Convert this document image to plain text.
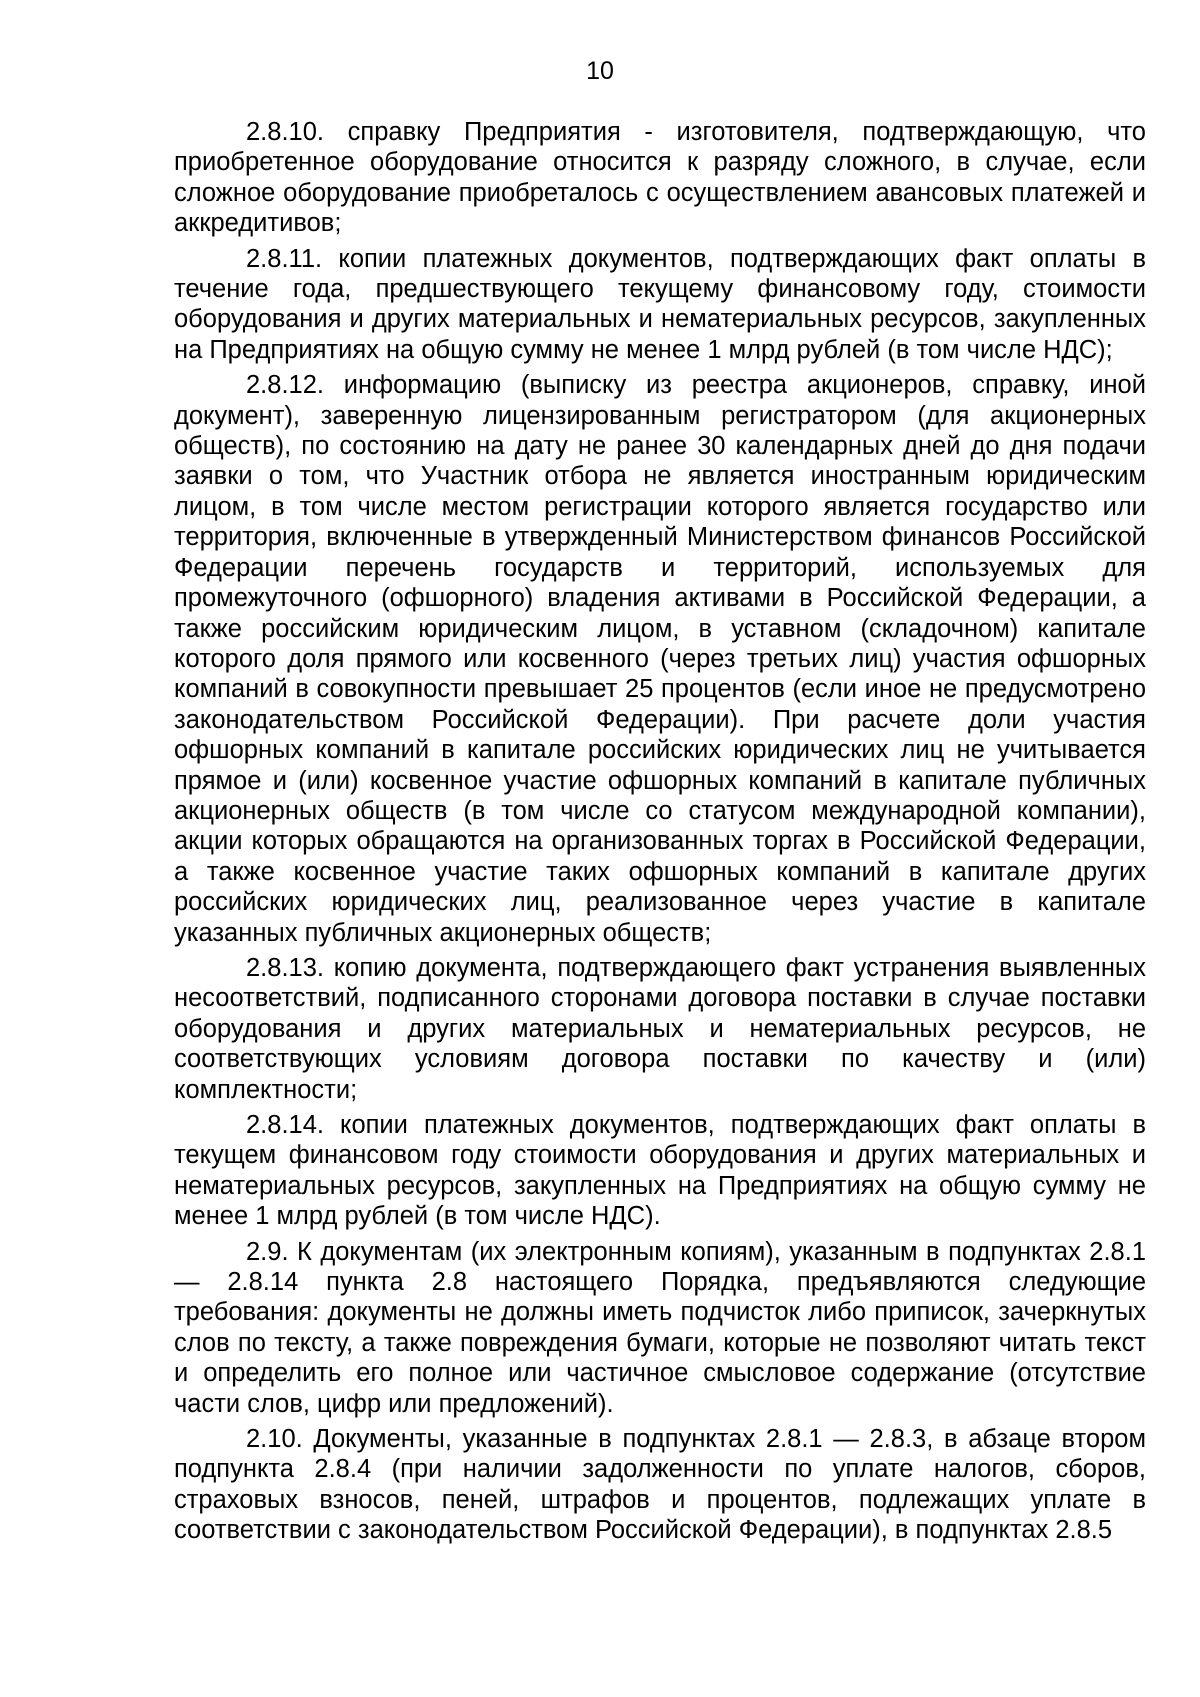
10

2.8.10. справку Предприятия - изготовителя, подтверждающую, что приобретенное оборудование относится к разряду сложного, в случае, если сложное оборудование приобреталось с осуществлением авансовых платежей и аккредитивов;

2.8.11. копии платежных документов, подтверждающих факт оплаты в течение года, предшествующего текущему финансовому году, стоимости оборудования и других материальных и нематериальных ресурсов, закупленных на Предприятиях на общую сумму не менее 1 млрд рублей (в том числе НДС);

2.8.12. информацию (выписку из реестра акционеров, справку, иной документ), заверенную лицензированным регистратором (для акционерных обществ), по состоянию на дату не ранее 30 календарных дней до дня подачи заявки о том, что Участник отбора не является иностранным юридическим лицом, в том числе местом регистрации которого является государство или территория, включенные в утвержденный Министерством финансов Российской Федерации перечень государств и территорий, используемых для промежуточного (офшорного) владения активами в Российской Федерации, а также российским юридическим лицом, в уставном (складочном) капитале которого доля прямого или косвенного (через третьих лиц) участия офшорных компаний в совокупности превышает 25 процентов (если иное не предусмотрено законодательством Российской Федерации). При расчете доли участия офшорных компаний в капитале российских юридических лиц не учитывается прямое и (или) косвенное участие офшорных компаний в капитале публичных акционерных обществ (в том числе со статусом международной компании), акции которых обращаются на организованных торгах в Российской Федерации, а также косвенное участие таких офшорных компаний в капитале других российских юридических лиц, реализованное через участие в капитале указанных публичных акционерных обществ;

2.8.13. копию документа, подтверждающего факт устранения выявленных несоответствий, подписанного сторонами договора поставки в случае поставки оборудования и других материальных и нематериальных ресурсов, не соответствующих условиям договора поставки по качеству и (или) комплектности;

2.8.14. копии платежных документов, подтверждающих факт оплаты в текущем финансовом году стоимости оборудования и других материальных и нематериальных ресурсов, закупленных на Предприятиях на общую сумму не менее 1 млрд рублей (в том числе НДС).

2.9. К документам (их электронным копиям), указанным в подпунктах 2.8.1 — 2.8.14 пункта 2.8 настоящего Порядка, предъявляются следующие требования: документы не должны иметь подчисток либо приписок, зачеркнутых слов по тексту, а также повреждения бумаги, которые не позволяют читать текст и определить его полное или частичное смысловое содержание (отсутствие части слов, цифр или предложений).

2.10. Документы, указанные в подпунктах 2.8.1 — 2.8.3, в абзаце втором подпункта 2.8.4 (при наличии задолженности по уплате налогов, сборов, страховых взносов, пеней, штрафов и процентов, подлежащих уплате в соответствии с законодательством Российской Федерации), в подпунктах 2.8.5
